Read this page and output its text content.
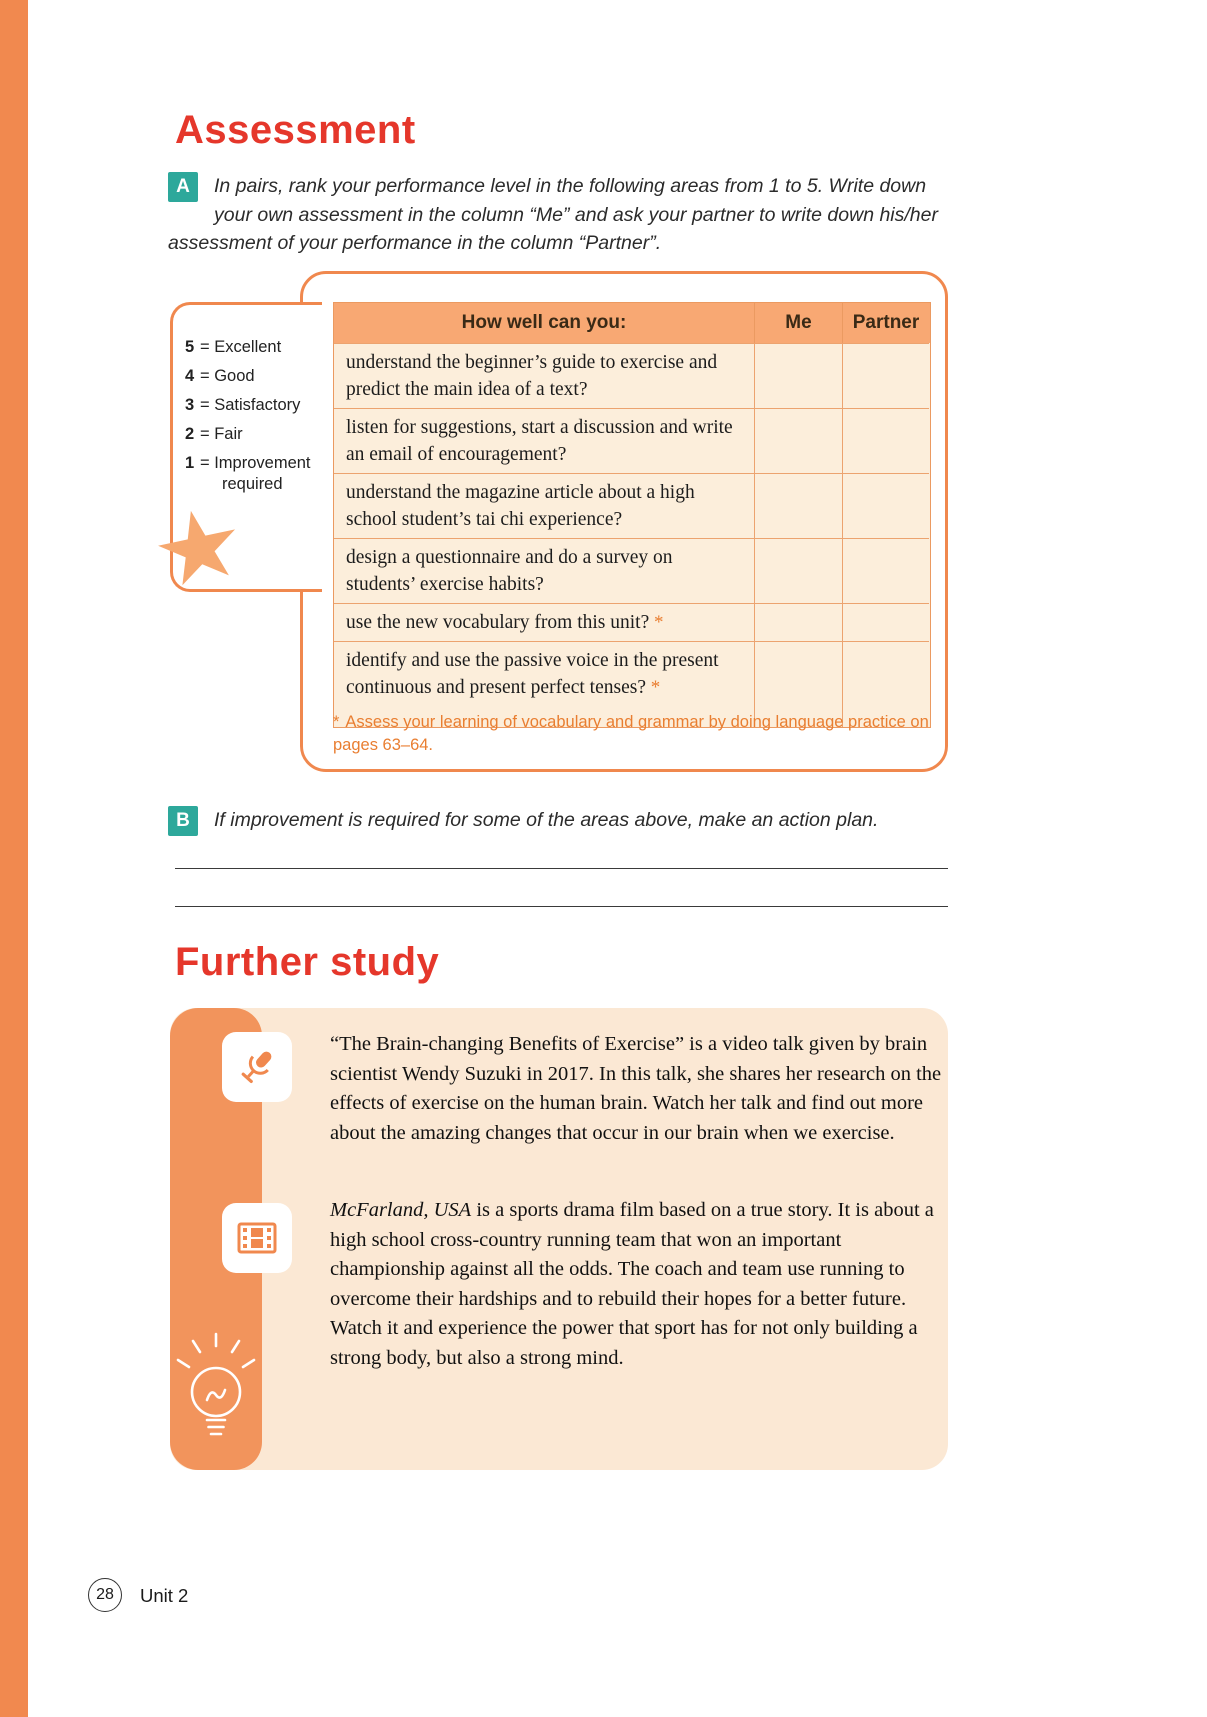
Assessment
A	In pairs, rank your performance level in the following areas from 1 to 5. Write down your own assessment in the column “Me” and ask your partner to write down his/her assessment of your performance in the column “Partner”.
5 = Excellent
4 = Good
3 = Satisfactory
2 = Fair
1 = Improvement required
How well can you:	Me	Partner
understand the beginner’s guide to exercise and predict the main idea of a text?
listen for suggestions, start a discussion and write an email of encouragement?
understand the magazine article about a high school student’s tai chi experience?
design a questionnaire and do a survey on students’ exercise habits?
use the new vocabulary from this unit? *
identify and use the passive voice in the present continuous and present perfect tenses? *
* Assess your learning of vocabulary and grammar by doing language practice on pages 63–64.
B	If improvement is required for some of the areas above, make an action plan.
Further study
“The Brain-changing Benefits of Exercise” is a video talk given by brain scientist Wendy Suzuki in 2017. In this talk, she shares her research on the effects of exercise on the human brain. Watch her talk and find out more about the amazing changes that occur in our brain when we exercise.
McFarland, USA is a sports drama film based on a true story. It is about a high school cross-country running team that won an important championship against all the odds. The coach and team use running to overcome their hardships and to rebuild their hopes for a better future. Watch it and experience the power that sport has for not only building a strong body, but also a strong mind.
28	Unit 2
